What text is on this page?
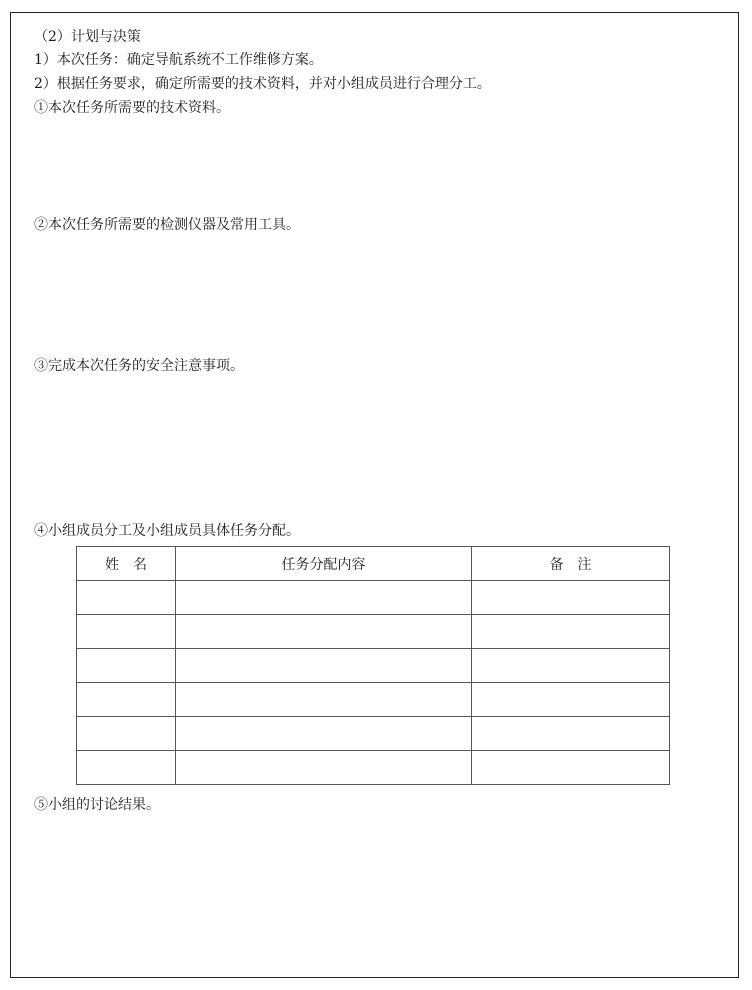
（2）计划与决策
1）本次任务：确定导航系统不工作维修方案。
2）根据任务要求，确定所需要的技术资料，并对小组成员进行合理分工。
①本次任务所需要的技术资料。
②本次任务所需要的检测仪器及常用工具。
③完成本次任务的安全注意事项。
④小组成员分工及小组成员具体任务分配。
姓　名	任务分配内容	备　注

⑤小组的讨论结果。
